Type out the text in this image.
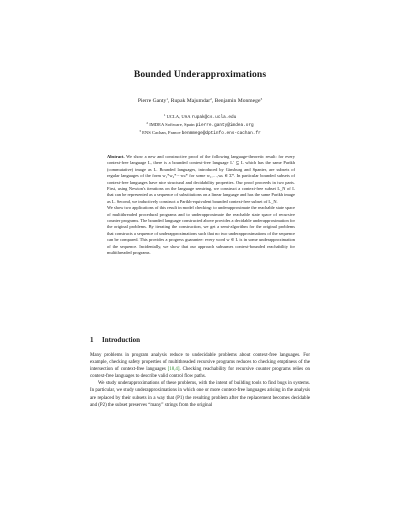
Bounded Underapproximations
Pierre Ganty$^1$, Rupak Majumdar$^2$, Benjamin Monmege$^3$
$^1$ UCLA, USA rupak@cs.ucla.edu
$^2$ IMDEA Software, Spain pierre.ganty@imdea.org
$^3$ ENS Cachan, France benmmege@dptinfo.ens-cachan.fr

Abstract. We show a new and constructive proof of the following language-theoretic result: for every context-free language L, there is a bounded context-free language L′ ⊆ L which has the same Parikh (commutative) image as L. Bounded languages, introduced by Ginsburg and Spanier, are subsets of regular languages of the form w₁*w₂*⋯wₖ* for some w₁,…,wₖ ∈ Σ*. In particular bounded subsets of context-free languages have nice structural and decidability properties. Our proof proceeds in two parts. First, using Newton's iterations on the language semiring, we construct a context-free subset L_N of L that can be represented as a sequence of substitutions on a linear language and has the same Parikh image as L. Second, we inductively construct a Parikh-equivalent bounded context-free subset of L_N.

We show two applications of this result in model checking: to underapproximate the reachable state space of multithreaded procedural programs and to underapproximate the reachable state space of recursive counter programs. The bounded language constructed above provides a decidable underapproximation for the original problems. By iterating the construction, we get a semi-algorithm for the original problems that constructs a sequence of underapproximations such that no two underapproximations of the sequence can be compared. This provides a progress guarantee: every word w ∈ L is in some underapproximation of the sequence. Incidentally, we show that our approach subsumes context-bounded reachability for multithreaded programs.

1 Introduction

Many problems in program analysis reduce to undecidable problems about context-free languages. For example, checking safety properties of multithreaded recursive programs reduces to checking emptiness of the intersection of context-free languages [18,4]. Checking reachability for recursive counter programs relies on context-free languages to describe valid control flow paths.

We study underapproximations of these problems, with the intent of building tools to find bugs in systems. In particular, we study underapproximations in which one or more context-free languages arising in the analysis are replaced by their subsets in a way that (P1) the resulting problem after the replacement becomes decidable and (P2) the subset preserves “many” strings from the original
